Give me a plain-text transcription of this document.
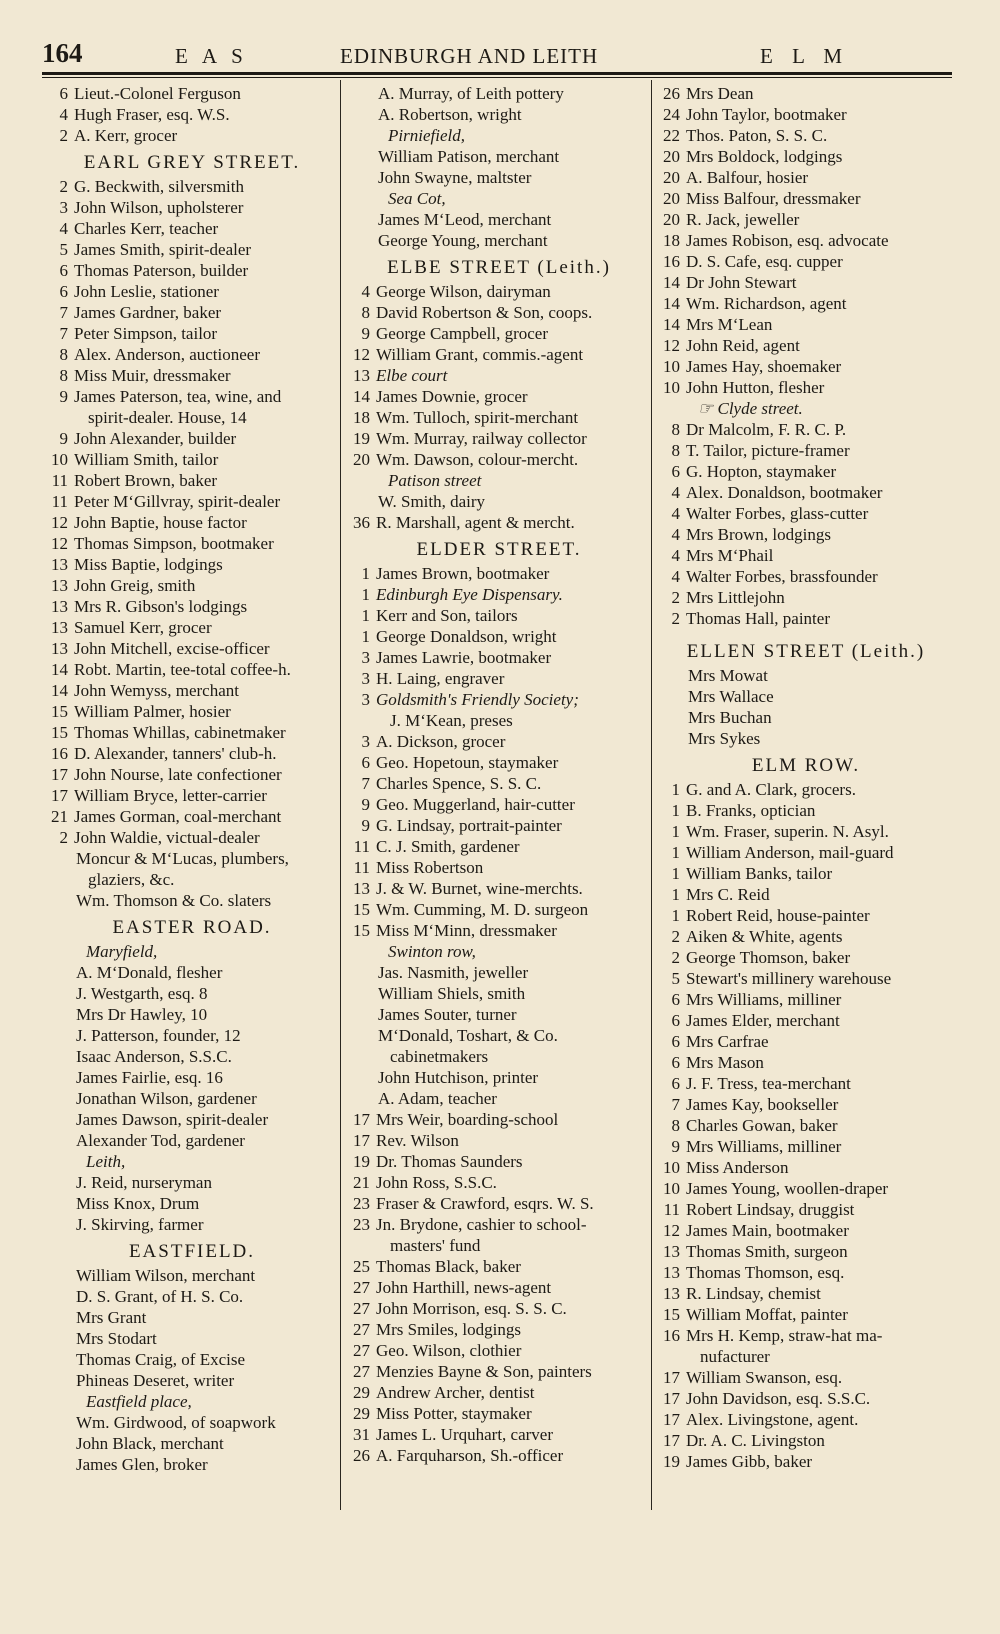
164	E A S	EDINBURGH AND LEITH	E L M
6 Lieut.-Colonel Ferguson
4 Hugh Fraser, esq. W.S.
2 A. Kerr, grocer
EARL GREY STREET.
2 G. Beckwith, silversmith
3 John Wilson, upholsterer
4 Charles Kerr, teacher
5 James Smith, spirit-dealer
6 Thomas Paterson, builder
6 John Leslie, stationer
7 James Gardner, baker
7 Peter Simpson, tailor
8 Alex. Anderson, auctioneer
8 Miss Muir, dressmaker
9 James Paterson, tea, wine, and
spirit-dealer. House, 14
9 John Alexander, builder
10 William Smith, tailor
11 Robert Brown, baker
11 Peter M‘Gillvray, spirit-dealer
12 John Baptie, house factor
12 Thomas Simpson, bootmaker
13 Miss Baptie, lodgings
13 John Greig, smith
13 Mrs R. Gibson's lodgings
13 Samuel Kerr, grocer
13 John Mitchell, excise-officer
14 Robt. Martin, tee-total coffee-h.
14 John Wemyss, merchant
15 William Palmer, hosier
15 Thomas Whillas, cabinetmaker
16 D. Alexander, tanners' club-h.
17 John Nourse, late confectioner
17 William Bryce, letter-carrier
21 James Gorman, coal-merchant
2 John Waldie, victual-dealer
Moncur & M‘Lucas, plumbers,
glaziers, &c.
Wm. Thomson & Co. slaters
EASTER ROAD.
Maryfield,
A. M‘Donald, flesher
J. Westgarth, esq. 8
Mrs Dr Hawley, 10
J. Patterson, founder, 12
Isaac Anderson, S.S.C.
James Fairlie, esq. 16
Jonathan Wilson, gardener
James Dawson, spirit-dealer
Alexander Tod, gardener
Leith,
J. Reid, nurseryman
Miss Knox, Drum
J. Skirving, farmer
EASTFIELD.
William Wilson, merchant
D. S. Grant, of H. S. Co.
Mrs Grant
Mrs Stodart
Thomas Craig, of Excise
Phineas Deseret, writer
Eastfield place,
Wm. Girdwood, of soapwork
John Black, merchant
James Glen, broker
A. Murray, of Leith pottery
A. Robertson, wright
Pirniefield,
William Patison, merchant
John Swayne, maltster
Sea Cot,
James M‘Leod, merchant
George Young, merchant
ELBE STREET (Leith.)
4 George Wilson, dairyman
8 David Robertson & Son, coops.
9 George Campbell, grocer
12 William Grant, commis.-agent
13 Elbe court
14 James Downie, grocer
18 Wm. Tulloch, spirit-merchant
19 Wm. Murray, railway collector
20 Wm. Dawson, colour-mercht.
Patison street
W. Smith, dairy
36 R. Marshall, agent & mercht.
ELDER STREET.
1 James Brown, bootmaker
1 Edinburgh Eye Dispensary.
1 Kerr and Son, tailors
1 George Donaldson, wright
3 James Lawrie, bootmaker
3 H. Laing, engraver
3 Goldsmith's Friendly Society;
J. M‘Kean, preses
3 A. Dickson, grocer
6 Geo. Hopetoun, staymaker
7 Charles Spence, S. S. C.
9 Geo. Muggerland, hair-cutter
9 G. Lindsay, portrait-painter
11 C. J. Smith, gardener
11 Miss Robertson
13 J. & W. Burnet, wine-merchts.
15 Wm. Cumming, M. D. surgeon
15 Miss M‘Minn, dressmaker
Swinton row,
Jas. Nasmith, jeweller
William Shiels, smith
James Souter, turner
M‘Donald, Toshart, & Co.
cabinetmakers
John Hutchison, printer
A. Adam, teacher
17 Mrs Weir, boarding-school
17 Rev. Wilson
19 Dr. Thomas Saunders
21 John Ross, S.S.C.
23 Fraser & Crawford, esqrs. W. S.
23 Jn. Brydone, cashier to school-
masters' fund
25 Thomas Black, baker
27 John Harthill, news-agent
27 John Morrison, esq. S. S. C.
27 Mrs Smiles, lodgings
27 Geo. Wilson, clothier
27 Menzies Bayne & Son, painters
29 Andrew Archer, dentist
29 Miss Potter, staymaker
31 James L. Urquhart, carver
26 A. Farquharson, Sh.-officer
26 Mrs Dean
24 John Taylor, bootmaker
22 Thos. Paton, S. S. C.
20 Mrs Boldock, lodgings
20 A. Balfour, hosier
20 Miss Balfour, dressmaker
20 R. Jack, jeweller
18 James Robison, esq. advocate
16 D. S. Cafe, esq. cupper
14 Dr John Stewart
14 Wm. Richardson, agent
14 Mrs M‘Lean
12 John Reid, agent
10 James Hay, shoemaker
10 John Hutton, flesher
☞ Clyde street.
8 Dr Malcolm, F. R. C. P.
8 T. Tailor, picture-framer
6 G. Hopton, staymaker
4 Alex. Donaldson, bootmaker
4 Walter Forbes, glass-cutter
4 Mrs Brown, lodgings
4 Mrs M‘Phail
4 Walter Forbes, brassfounder
2 Mrs Littlejohn
2 Thomas Hall, painter
ELLEN STREET (Leith.)
Mrs Mowat
Mrs Wallace
Mrs Buchan
Mrs Sykes
ELM ROW.
1 G. and A. Clark, grocers.
1 B. Franks, optician
1 Wm. Fraser, superin. N. Asyl.
1 William Anderson, mail-guard
1 William Banks, tailor
1 Mrs C. Reid
1 Robert Reid, house-painter
2 Aiken & White, agents
2 George Thomson, baker
5 Stewart's millinery warehouse
6 Mrs Williams, milliner
6 James Elder, merchant
6 Mrs Carfrae
6 Mrs Mason
6 J. F. Tress, tea-merchant
7 James Kay, bookseller
8 Charles Gowan, baker
9 Mrs Williams, milliner
10 Miss Anderson
10 James Young, woollen-draper
11 Robert Lindsay, druggist
12 James Main, bootmaker
13 Thomas Smith, surgeon
13 Thomas Thomson, esq.
13 R. Lindsay, chemist
15 William Moffat, painter
16 Mrs H. Kemp, straw-hat ma-
nufacturer
17 William Swanson, esq.
17 John Davidson, esq. S.S.C.
17 Alex. Livingstone, agent.
17 Dr. A. C. Livingston
19 James Gibb, baker
